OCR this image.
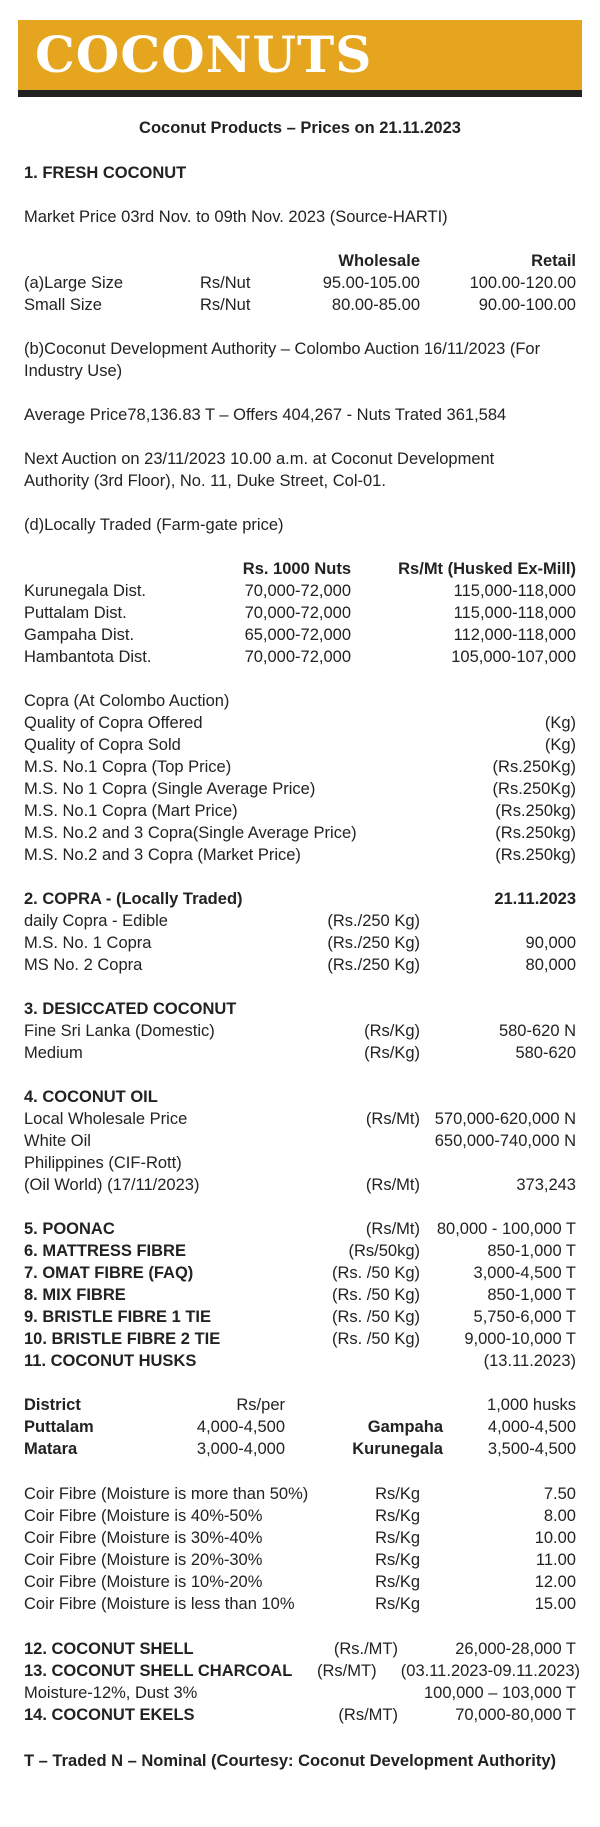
COCONUTS
Coconut Products – Prices on 21.11.2023
1. FRESH COCONUT
Market Price 03rd Nov. to 09th Nov. 2023 (Source-HARTI)
Wholesale	Retail
(a)Large Size	Rs/Nut	95.00-105.00	100.00-120.00
Small Size	Rs/Nut	80.00-85.00	90.00-100.00
(b)Coconut Development Authority – Colombo Auction 16/11/2023 (For
Industry Use)
Average Price78,136.83 T – Offers 404,267 - Nuts Trated 361,584
Next Auction on 23/11/2023 10.00 a.m. at Coconut Development
Authority (3rd Floor), No. 11, Duke Street, Col-01.
(d)Locally Traded (Farm-gate price)
Rs. 1000 Nuts	Rs/Mt (Husked Ex-Mill)
Kurunegala Dist.	70,000-72,000	115,000-118,000
Puttalam Dist.	70,000-72,000	115,000-118,000
Gampaha Dist.	65,000-72,000	112,000-118,000
Hambantota Dist.	70,000-72,000	105,000-107,000
Copra (At Colombo Auction)
Quality of Copra Offered	(Kg)
Quality of Copra Sold	(Kg)
M.S. No.1 Copra (Top Price)	(Rs.250Kg)
M.S. No 1 Copra (Single Average Price)	(Rs.250Kg)
M.S. No.1 Copra (Mart Price)	(Rs.250kg)
M.S. No.2 and 3 Copra(Single Average Price)	(Rs.250kg)
M.S. No.2 and 3 Copra (Market Price)	(Rs.250kg)
2. COPRA - (Locally Traded)	21.11.2023
daily Copra - Edible	(Rs./250 Kg)
M.S. No. 1 Copra	(Rs./250 Kg)	90,000
MS No. 2 Copra	(Rs./250 Kg)	80,000
3. DESICCATED COCONUT
Fine Sri Lanka (Domestic)	(Rs/Kg)	580-620 N
Medium	(Rs/Kg)	580-620
4. COCONUT OIL
Local Wholesale Price	(Rs/Mt) 570,000-620,000 N
White Oil	650,000-740,000 N
Philippines (CIF-Rott)
(Oil World) (17/11/2023)	(Rs/Mt)	373,243
5. POONAC	(Rs/Mt) 80,000 - 100,000 T
6. MATTRESS FIBRE	(Rs/50kg)	850-1,000 T
7. OMAT FIBRE (FAQ)	(Rs. /50 Kg)	3,000-4,500 T
8. MIX FIBRE	(Rs. /50 Kg)	850-1,000 T
9. BRISTLE FIBRE 1 TIE	(Rs. /50 Kg)	5,750-6,000 T
10. BRISTLE FIBRE 2 TIE	(Rs. /50 Kg)	9,000-10,000 T
11. COCONUT HUSKS	(13.11.2023)
District	Rs/per	1,000 husks
Puttalam	4,000-4,500	Gampaha	4,000-4,500
Matara	3,000-4,000	Kurunegala	3,500-4,500
Coir Fibre (Moisture is more than 50%)	Rs/Kg	7.50
Coir Fibre (Moisture is 40%-50%	Rs/Kg	8.00
Coir Fibre (Moisture is 30%-40%	Rs/Kg	10.00
Coir Fibre (Moisture is 20%-30%	Rs/Kg	11.00
Coir Fibre (Moisture is 10%-20%	Rs/Kg	12.00
Coir Fibre (Moisture is less than 10%	Rs/Kg	15.00
12. COCONUT SHELL	(Rs./MT)	26,000-28,000 T
13. COCONUT SHELL CHARCOAL (Rs/MT) (03.11.2023-09.11.2023)
Moisture-12%, Dust 3%	100,000 – 103,000 T
14. COCONUT EKELS	(Rs/MT)	70,000-80,000 T
T – Traded N – Nominal (Courtesy: Coconut Development Authority)
